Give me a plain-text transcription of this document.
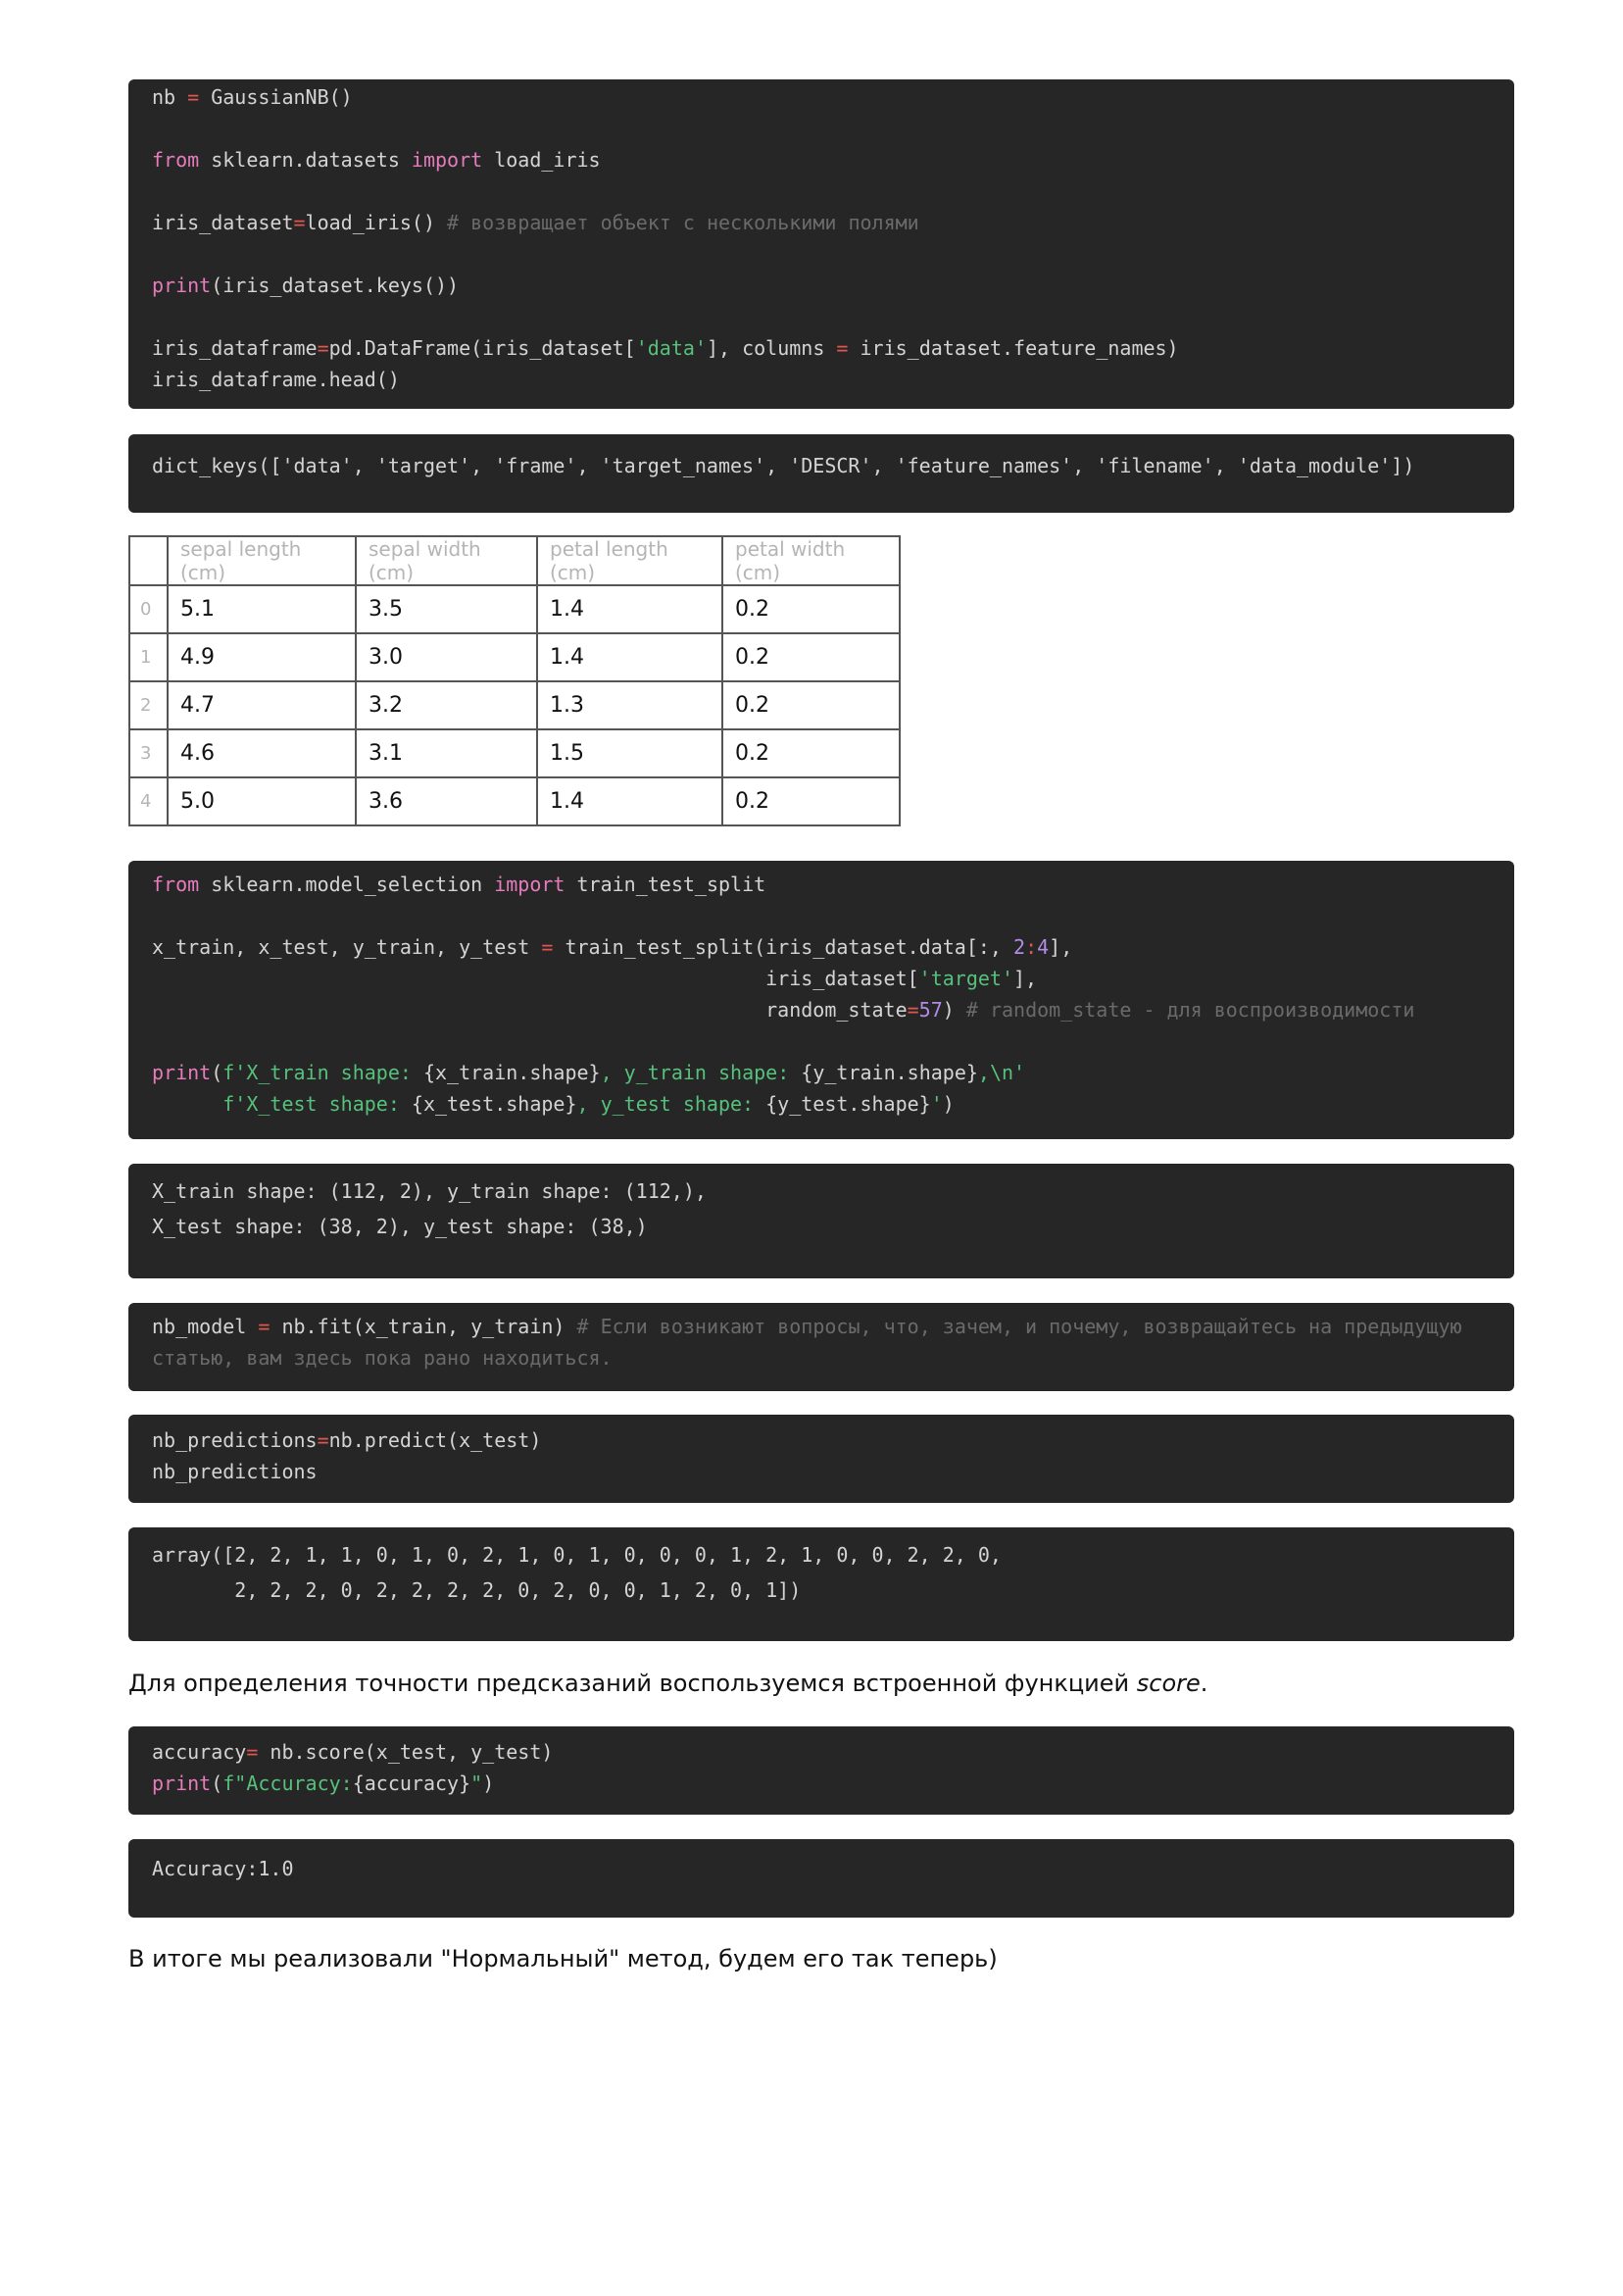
nb = GaussianNB()
from sklearn.datasets import load_iris
iris_dataset=load_iris() # возвращает объект с несколькими полями
print(iris_dataset.keys())
iris_dataframe=pd.DataFrame(iris_dataset['data'], columns = iris_dataset.feature_names)
iris_dataframe.head()
dict_keys(['data', 'target', 'frame', 'target_names', 'DESCR', 'feature_names', 'filename', 'data_module'])
	sepal length (cm)	sepal width (cm)	petal length (cm)	petal width (cm)
0	5.1	3.5	1.4	0.2
1	4.9	3.0	1.4	0.2
2	4.7	3.2	1.3	0.2
3	4.6	3.1	1.5	0.2
4	5.0	3.6	1.4	0.2
from sklearn.model_selection import train_test_split
x_train, x_test, y_train, y_test = train_test_split(iris_dataset.data[:, 2:4],
iris_dataset['target'],
random_state=57) # random_state - для воспроизводимости
print(f'X_train shape: {x_train.shape}, y_train shape: {y_train.shape},\n'
f'X_test shape: {x_test.shape}, y_test shape: {y_test.shape}')
X_train shape: (112, 2), y_train shape: (112,),
X_test shape: (38, 2), y_test shape: (38,)
nb_model = nb.fit(x_train, y_train) # Если возникают вопросы, что, зачем, и почему, возвращайтесь на предыдущую
статью, вам здесь пока рано находиться.
nb_predictions=nb.predict(x_test)
nb_predictions
array([2, 2, 1, 1, 0, 1, 0, 2, 1, 0, 1, 0, 0, 0, 1, 2, 1, 0, 0, 2, 2, 0,
2, 2, 2, 0, 2, 2, 2, 2, 0, 2, 0, 0, 1, 2, 0, 1])
Для определения точности предсказаний воспользуемся встроенной функцией score.
accuracy= nb.score(x_test, y_test)
print(f"Accuracy:{accuracy}")
Accuracy:1.0
В итоге мы реализовали "Нормальный" метод, будем его так теперь)
